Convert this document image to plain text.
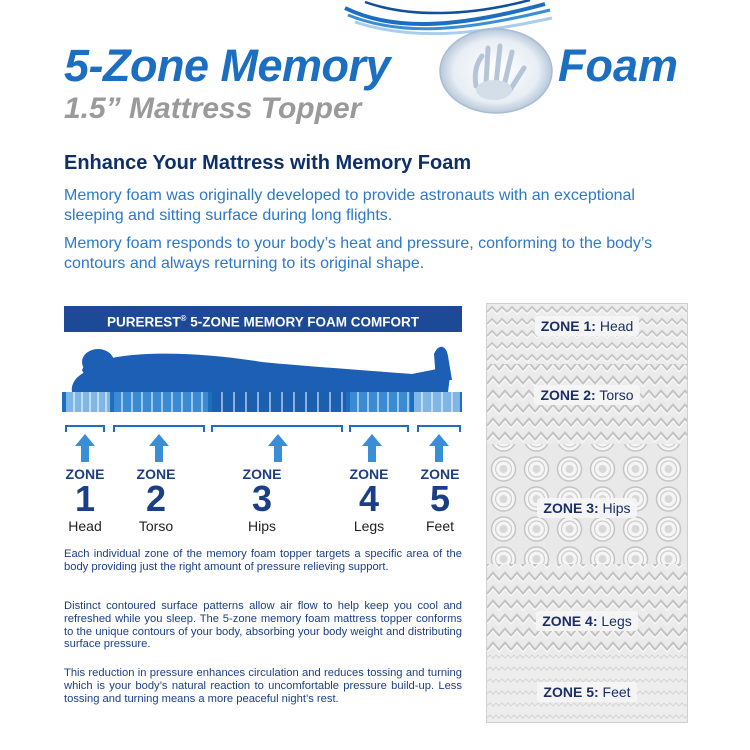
5-Zone Memory	Foam
1.5” Mattress Topper
Enhance Your Mattress with Memory Foam
Memory foam was originally developed to provide astronauts with an exceptional sleeping and sitting surface during long flights.
Memory foam responds to your body’s heat and pressure, conforming to the body’s contours and always returning to its original shape.
PUREREST® 5-ZONE MEMORY FOAM COMFORT
ZONE
1
Head
ZONE
2
Torso
ZONE
3
Hips
ZONE
4
Legs
ZONE
5
Feet
Each individual zone of the memory foam topper targets a specific area of the body providing just the right amount of pressure relieving support.
Distinct contoured surface patterns allow air flow to help keep you cool and refreshed while you sleep. The 5-zone memory foam mattress topper conforms to the unique contours of your body, absorbing your body weight and distributing surface pressure.
This reduction in pressure enhances circulation and reduces tossing and turning which is your body’s natural reaction to uncomfortable pressure build-up. Less tossing and turning means a more peaceful night’s rest.
ZONE 1: Head
ZONE 2: Torso
ZONE 3: Hips
ZONE 4: Legs
ZONE 5: Feet
